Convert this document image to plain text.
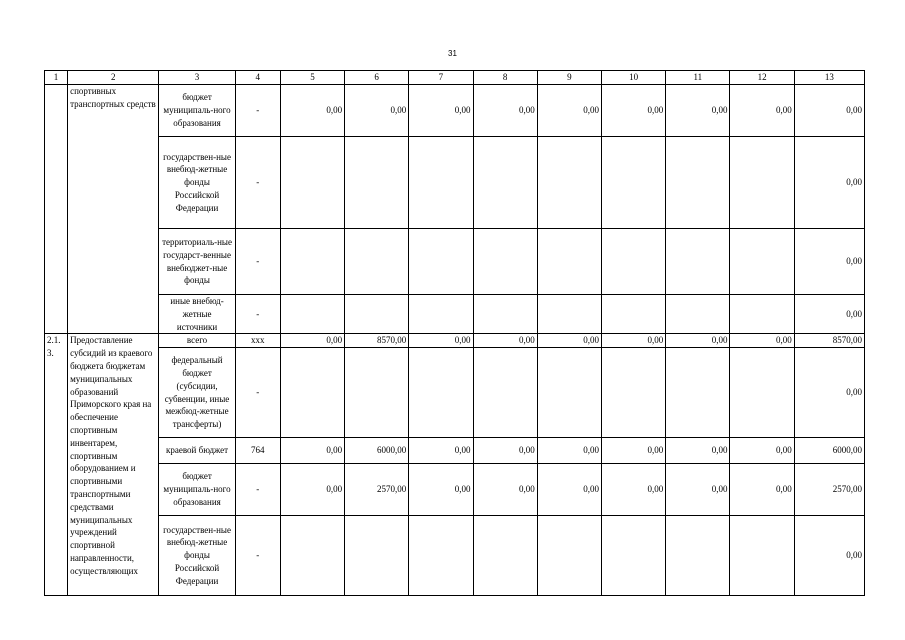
31
1	2	3	4	5	6	7	8	9	10	11	12	13
	спортивных транспортных средств	бюджет муниципаль-ного образования	-	0,00	0,00	0,00	0,00	0,00	0,00	0,00	0,00	0,00
		государствен-ные внебюд-жетные фонды Российской Федерации	-									0,00
		территориаль-ные государст-венные внебюджет-ные фонды	-									0,00
		иные внебюд-жетные источники	-									0,00
2.1. 3.	Предоставление субсидий из краевого бюджета бюджетам муниципальных образований Приморского края на обеспечение спортивным инвентарем, спортивным оборудованием и спортивными транспортными средствами муниципальных учреждений спортивной направленности, осуществляющих	всего	xxx	0,00	8570,00	0,00	0,00	0,00	0,00	0,00	0,00	8570,00
		федеральный бюджет (субсидии, субвенции, иные межбюд-жетные трансферты)	-									0,00
		краевой бюджет	764	0,00	6000,00	0,00	0,00	0,00	0,00	0,00	0,00	6000,00
		бюджет муниципаль-ного образования	-	0,00	2570,00	0,00	0,00	0,00	0,00	0,00	0,00	2570,00
		государствен-ные внебюд-жетные фонды Российской Федерации	-									0,00
